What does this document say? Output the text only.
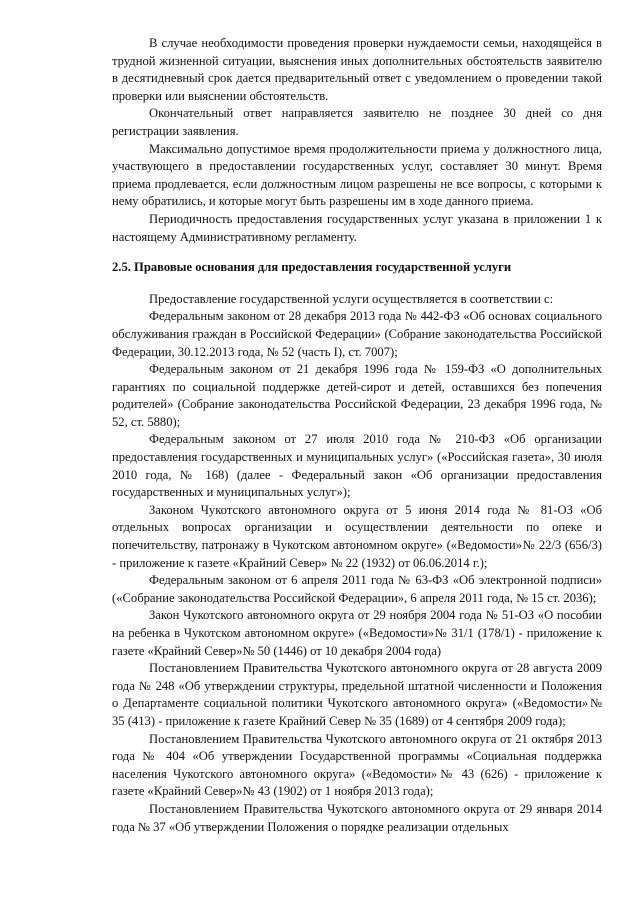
В случае необходимости проведения проверки нуждаемости семьи, находящейся в трудной жизненной ситуации, выяснения иных дополнительных обстоятельств заявителю в десятидневный срок дается предварительный ответ с уведомлением о проведении такой проверки или выяснении обстоятельств.

Окончательный ответ направляется заявителю не позднее 30 дней со дня регистрации заявления.

Максимально допустимое время продолжительности приема у должностного лица, участвующего в предоставлении государственных услуг, составляет 30 минут. Время приема продлевается, если должностным лицом разрешены не все вопросы, с которыми к нему обратились, и которые могут быть разрешены им в ходе данного приема.

Периодичность предоставления государственных услуг указана в приложении 1 к настоящему Административному регламенту.

2.5. Правовые основания для предоставления государственной услуги

Предоставление государственной услуги осуществляется в соответствии с:

Федеральным законом от 28 декабря 2013 года № 442-ФЗ «Об основах социального обслуживания граждан в Российской Федерации» (Собрание законодательства Российской Федерации, 30.12.2013 года, № 52 (часть I), ст. 7007);

Федеральным законом от 21 декабря 1996 года № 159-ФЗ «О дополнительных гарантиях по социальной поддержке детей-сирот и детей, оставшихся без попечения родителей» (Собрание законодательства Российской Федерации, 23 декабря 1996 года, № 52, ст. 5880);

Федеральным законом от 27 июля 2010 года № 210-ФЗ «Об организации предоставления государственных и муниципальных услуг» («Российская газета», 30 июля 2010 года, № 168) (далее - Федеральный закон «Об организации предоставления государственных и муниципальных услуг»);

Законом Чукотского автономного округа от 5 июня 2014 года № 81-ОЗ «Об отдельных вопросах организации и осуществлении деятельности по опеке и попечительству, патронажу в Чукотском автономном округе» («Ведомости»№ 22/3 (656/3) - приложение к газете «Крайний Север» № 22 (1932) от 06.06.2014 г.);

Федеральным законом от 6 апреля 2011 года № 63-ФЗ «Об электронной подписи» («Собрание законодательства Российской Федерации», 6 апреля 2011 года, № 15 ст. 2036);

Закон Чукотского автономного округа от 29 ноября 2004 года № 51-ОЗ «О пособии на ребенка в Чукотском автономном округе» («Ведомости»№ 31/1 (178/1) - приложение к газете «Крайний Север»№ 50 (1446) от 10 декабря 2004 года)

Постановлением Правительства Чукотского автономного округа от 28 августа 2009 года № 248 «Об утверждении структуры, предельной штатной численности и Положения о Департаменте социальной политики Чукотского автономного округа» («Ведомости»№ 35 (413) - приложение к газете Крайний Север № 35 (1689) от 4 сентября 2009 года);

Постановлением Правительства Чукотского автономного округа от 21 октября 2013 года № 404 «Об утверждении Государственной программы «Социальная поддержка населения Чукотского автономного округа» («Ведомости»№ 43 (626) - приложение к газете «Крайний Север»№ 43 (1902) от 1 ноября 2013 года);

Постановлением Правительства Чукотского автономного округа от 29 января 2014 года № 37 «Об утверждении Положения о порядке реализации отдельных
